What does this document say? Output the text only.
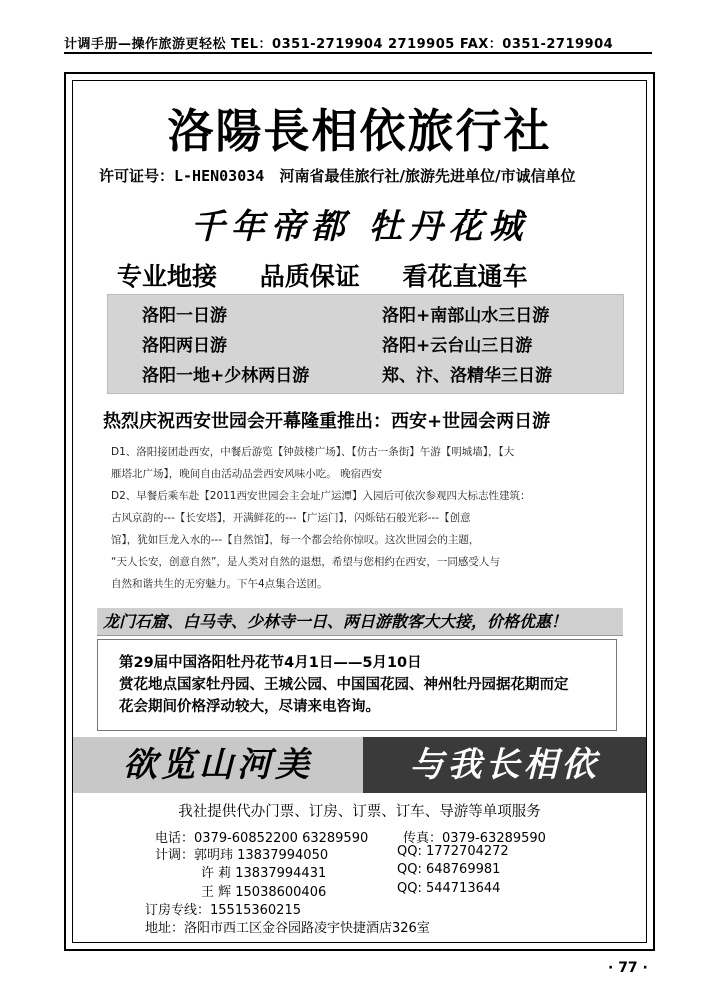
计调手册—操作旅游更轻松 TEL：0351-2719904 2719905 FAX：0351-2719904
洛陽長相依旅行社
许可证号：L-HEN03034 河南省最佳旅行社/旅游先进单位/市诚信单位
千年帝都 牡丹花城
专业地接 品质保证 看花直通车
洛阳一日游	洛阳+南部山水三日游
洛阳两日游	洛阳+云台山三日游
洛阳一地+少林两日游	郑、汴、洛精华三日游
热烈庆祝西安世园会开幕隆重推出：西安+世园会两日游
D1、洛阳接团赴西安，中餐后游览【钟鼓楼广场】、【仿古一条街】午游【明城墙】，【大
雁塔北广场】，晚间自由活动品尝西安风味小吃。 晚宿西安
D2、早餐后乘车赴【2011西安世园会主会址广运潭】入园后可依次参观四大标志性建筑：
古风京韵的---【长安塔】，开满鲜花的---【广运门】，闪烁钻石般光彩---【创意
馆】，犹如巨龙入水的---【自然馆】，每一个都会给你惊叹。这次世园会的主题，
“天人长安，创意自然”，是人类对自然的退想，希望与您相约在西安，一同感受人与
自然和谐共生的无穷魅力。下午4点集合送团。
龙门石窟、白马寺、少林寺一日、两日游散客大大接，价格优惠！
第29届中国洛阳牡丹花节4月1日——5月10日
赏花地点国家牡丹园、王城公园、中国国花园、神州牡丹园据花期而定
花会期间价格浮动较大，尽请来电咨询。
欲览山河美	与我长相依
我社提供代办门票、订房、订票、订车、导游等单项服务
电话：0379-60852200 63289590	传真：0379-63289590
计调：郭明玮 13837994050	QQ: 1772704272
许 莉 13837994431	QQ: 648769981
王 辉 15038600406	QQ: 544713644
订房专线：15515360215
地址：洛阳市西工区金谷园路凌宇快捷酒店326室
· 77 ·
